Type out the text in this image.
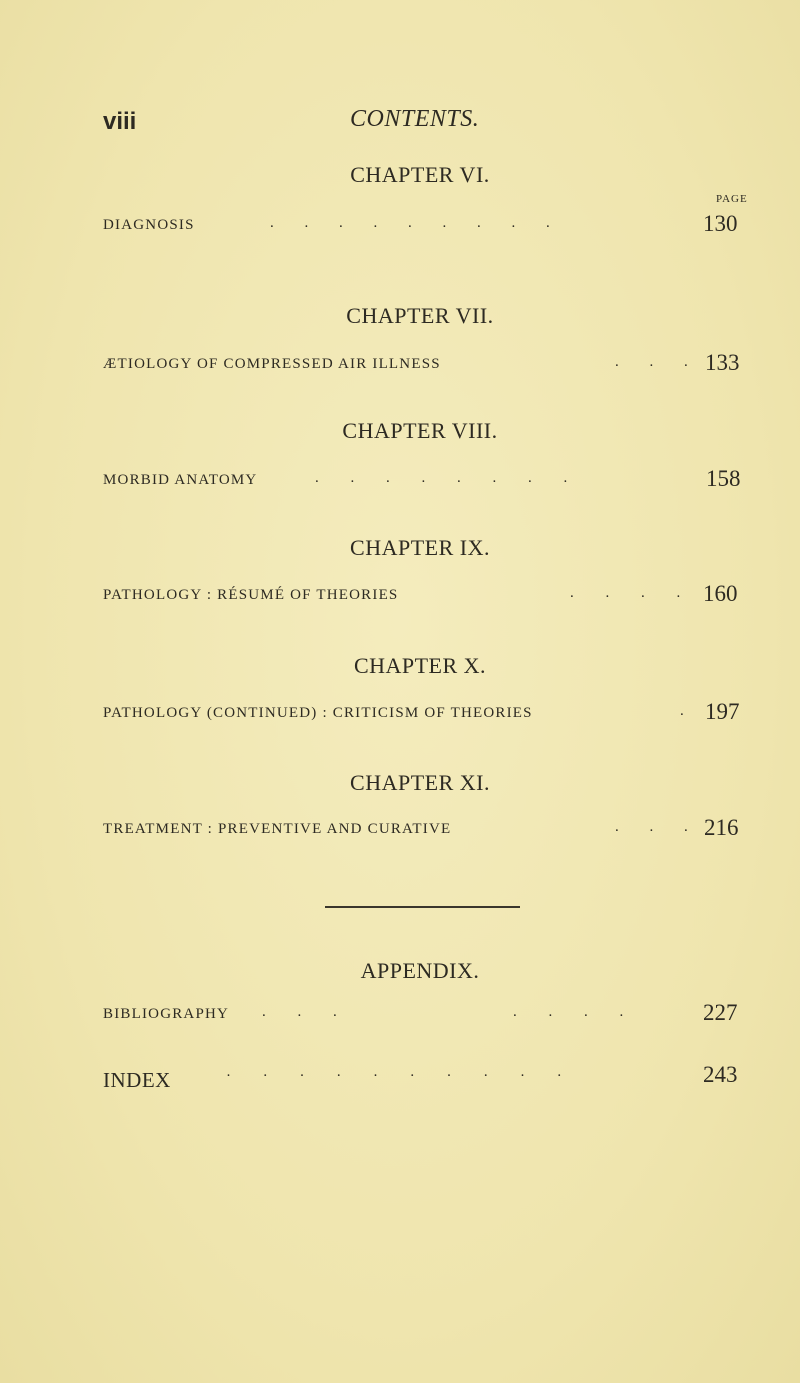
viii	CONTENTS.
CHAPTER VI.
PAGE
DIAGNOSIS	. . . . . . . . .	130
CHAPTER VII.
ÆTIOLOGY OF COMPRESSED AIR ILLNESS	. . . 133
CHAPTER VIII.
MORBID ANATOMY	. . . . . . . .	158
CHAPTER IX.
PATHOLOGY : RÉSUMÉ OF THEORIES	. . . . 160
CHAPTER X.
PATHOLOGY (CONTINUED) : CRITICISM OF THEORIES	. 197
CHAPTER XI.
TREATMENT : PREVENTIVE AND CURATIVE	. . . 216
APPENDIX.
BIBLIOGRAPHY . . .	. . . .	227
INDEX	· · · · · · · · · ·	243
